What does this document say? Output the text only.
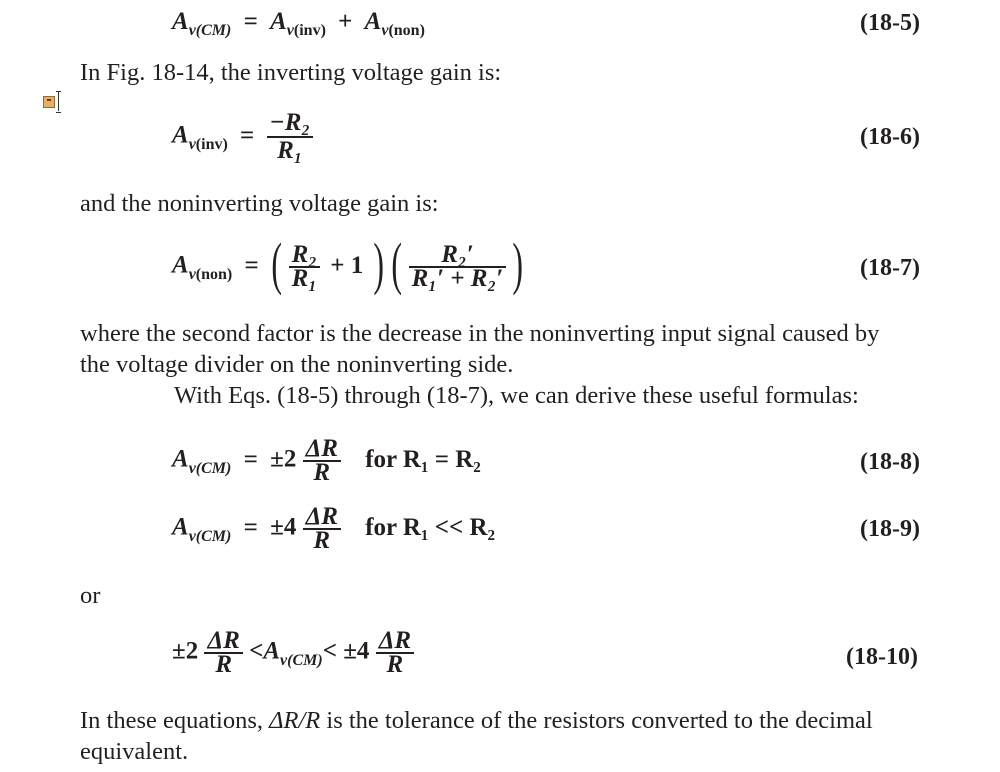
$A_{v(CM)} = A_{v(inv)} + A_{v(non)}$	(18-5)
In Fig. 18-14, the inverting voltage gain is:
$A_{v(inv)} = \frac{\text{−R₂}}{\text{R₁}}$	(18-6)
and the noninverting voltage gain is:
$A_{v(non)}$ = ( $\frac{\text{R₂}}{\text{R₁}} + 1$ ) ( $\frac{\text{R₂′}}{\text{R₁′ + R₂′}}$ )	(18-7)
where the second factor is the decrease in the noninverting input signal caused by
the voltage divider on the noninverting side.
With Eqs. (18-5) through (18-7), we can derive these useful formulas:
$A_{v(CM)} = \pm 2 \frac{\Delta R}{R}$ for R₁ = R₂	(18-8)
$A_{v(CM)} = \pm 4 \frac{\Delta R}{R}$ for R₁ << R₂	(18-9)
or
$\pm 2 \frac{\Delta R}{R} <A_{v(CM)}< \pm 4 \frac{\Delta R}{R}$	(18-10)
In these equations, ΔR/R is the tolerance of the resistors converted to the decimal
equivalent.
